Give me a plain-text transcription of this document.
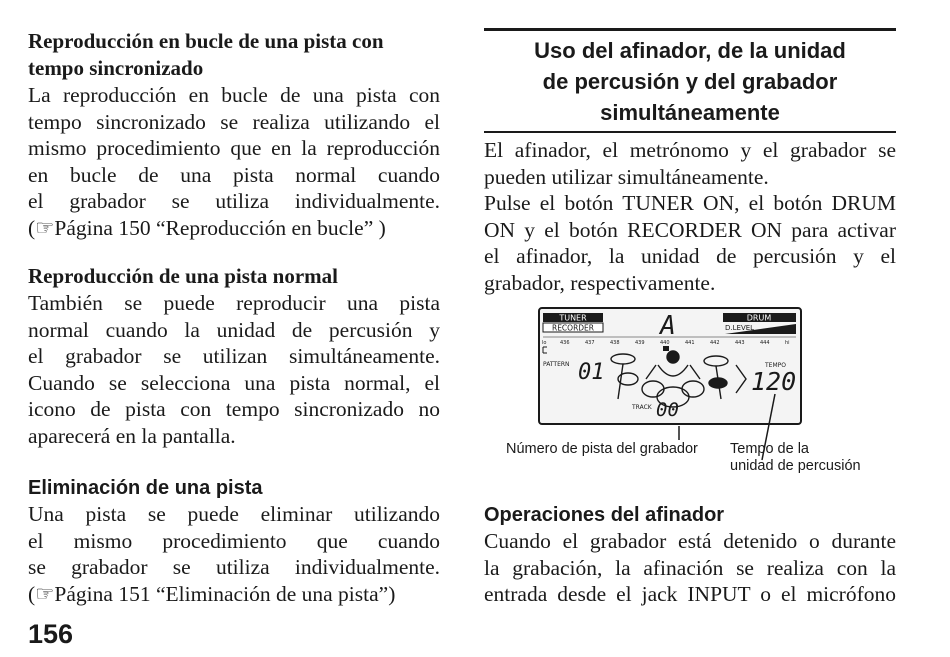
Reproducción en bucle de una pista con
tempo sincronizado

La reproducción en bucle de una pista con
tempo sincronizado se realiza utilizando el
mismo procedimiento que en la reproducción
en bucle de una pista normal cuando
el grabador se utiliza individualmente.
(☞Página 150 “Reproducción en bucle” )

Reproducción de una pista normal

También se puede reproducir una pista
normal cuando la unidad de percusión y
el grabador se utilizan simultáneamente.
Cuando se selecciona una pista normal, el
icono de pista con tempo sincronizado no
aparecerá en la pantalla.

Eliminación de una pista

Una pista se puede eliminar utilizando
el mismo procedimiento que cuando
se grabador se utiliza individualmente.
(☞Página 151 “Eliminación de una pista”)

156
Uso del afinador, de la unidad
de percusión y del grabador
simultáneamente

El afinador, el metrónomo y el grabador se
pueden utilizar simultáneamente.
Pulse el botón TUNER ON, el botón DRUM
ON y el botón RECORDER ON para activar
el afinador, la unidad de percusión y el
grabador, respectivamente.

TUNER
RECORDER	A	DRUM
D.LEVEL
lo	436	437	438	439	440	441	442	443	444	hi
PATTERN 01	TEMPO
120
TRACK 00
Número de pista del grabador Tempo de la
unidad de percusión
Operaciones del afinador

Cuando el grabador está detenido o durante
la grabación, la afinación se realiza con la
entrada desde el jack INPUT o el micrófono
